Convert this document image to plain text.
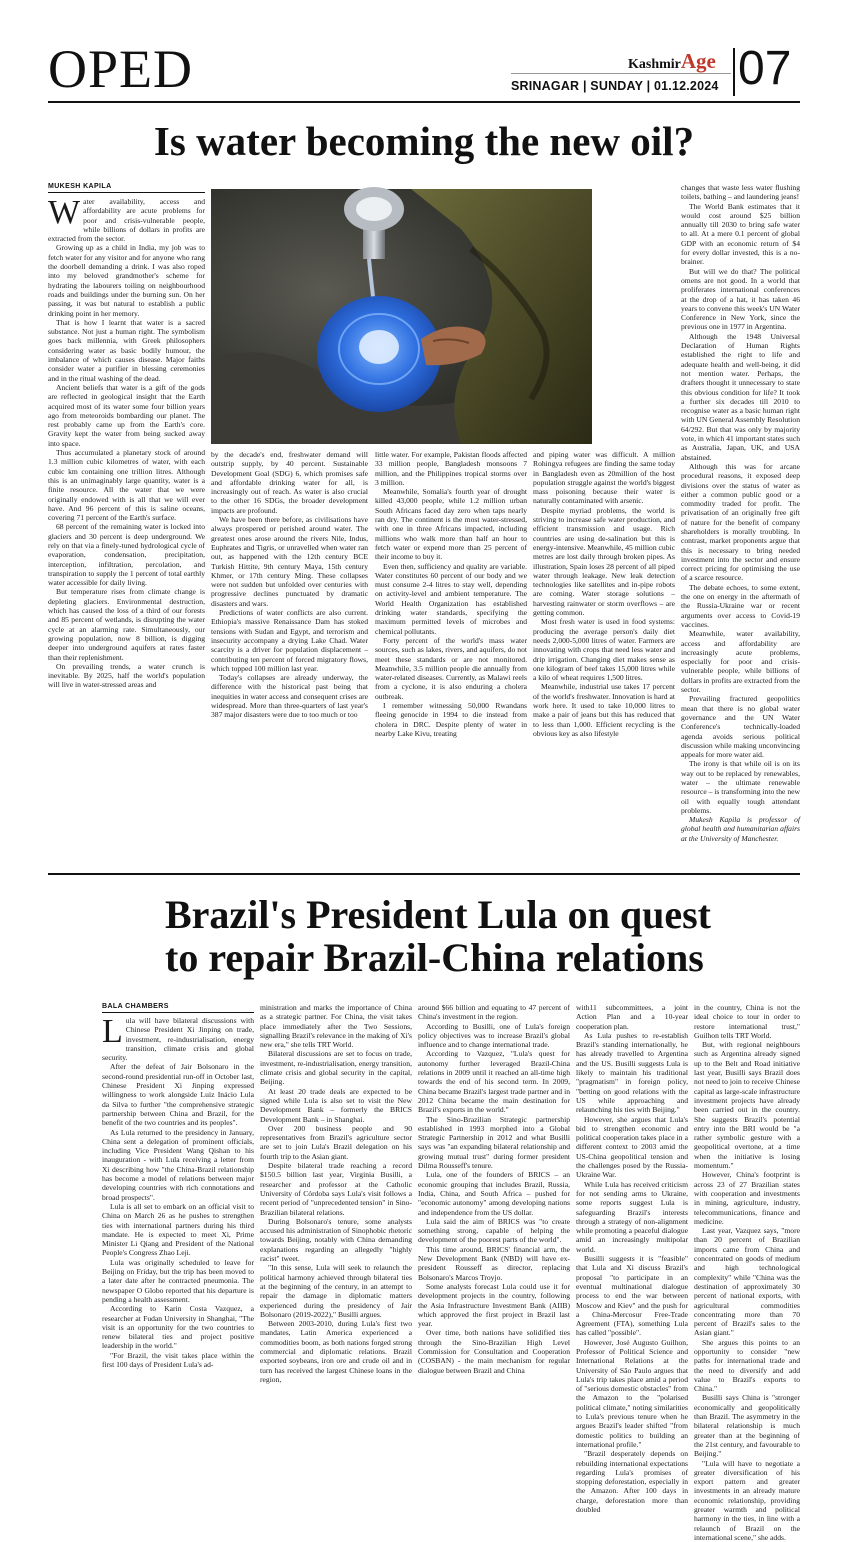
OPED	KashmirAge
SRINAGAR | SUNDAY | 01.12.2024 07
Is water becoming the new oil?
MUKESH KAPILA

Water availability, access and affordability are acute problems for poor and crisis-vulnerable people, while billions of dollars in profits are extracted from the sector.

Growing up as a child in India, my job was to fetch water for any visitor and for anyone who rang the doorbell demanding a drink. I was also roped into my beloved grandmother's scheme for hydrating the labourers toiling on neighbourhood roads and buildings under the burning sun. On her passing, it was but natural to establish a public drinking point in her memory.

That is how I learnt that water is a sacred substance. Not just a human right. The symbolism goes back millennia, with Greek philosophers considering water as basic bodily humour, the imbalance of which causes disease. Major faiths consider water a purifier in blessing ceremonies and in the ritual washing of the dead.

Ancient beliefs that water is a gift of the gods are reflected in geological insight that the Earth acquired most of its water some four billion years ago from meteoroids bombarding our planet. The rest probably came up from the Earth's core. Gravity kept the water from being sucked away into space.

Thus accumulated a planetary stock of around 1.3 million cubic kilometres of water, with each cubic km containing one trillion litres. Although this is an unimaginably large quantity, water is a finite resource. All the water that we were originally endowed with is all that we will ever have. And 96 percent of this is saline oceans, covering 71 percent of the Earth's surface.

68 percent of the remaining water is locked into glaciers and 30 percent is deep underground. We rely on that via a finely-tuned hydrological cycle of evaporation, condensation, precipitation, interception, infiltration, percolation, and transpiration to supply the 1 percent of total earthly water accessible for daily living.

But temperature rises from climate change is depleting glaciers. Environmental destruction, which has caused the loss of a third of our forests and 85 percent of wetlands, is disrupting the water cycle at an alarming rate. Simultaneously, our growing population, now 8 billion, is digging deeper into underground aquifers at rates faster than their replenishment.

On prevailing trends, a water crunch is inevitable. By 2025, half the world's population will live in water-stressed areas and

by the decade's end, freshwater demand will outstrip supply, by 40 percent. Sustainable Development Goal (SDG) 6, which promises safe and affordable drinking water for all, is increasingly out of reach. As water is also crucial to the other 16 SDGs, the broader development impacts are profound.

We have been there before, as civilisations have always prospered or perished around water. The greatest ones arose around the rivers Nile, Indus, Euphrates and Tigris, or unravelled when water ran out, as happened with the 12th century BCE Turkish Hittite, 9th century Maya, 15th century Khmer, or 17th century Ming. These collapses were not sudden but unfolded over centuries with progressive declines punctuated by dramatic disasters and wars.

Predictions of water conflicts are also current. Ethiopia's massive Renaissance Dam has stoked tensions with Sudan and Egypt, and terrorism and insecurity accompany a drying Lake Chad. Water scarcity is a driver for population displacement – contributing ten percent of forced migratory flows, which topped 100 million last year.

Today's collapses are already underway, the difference with the historical past being that inequities in water access and consequent crises are widespread. More than three-quarters of last year's 387 major disasters were due to too much or too

little water. For example, Pakistan floods affected 33 million people, Bangladesh monsoons 7 million, and the Philippines tropical storms over 3 million.

Meanwhile, Somalia's fourth year of drought killed 43,000 people, while 1.2 million urban South Africans faced day zero when taps nearly ran dry. The continent is the most water-stressed, with one in three Africans impacted, including millions who walk more than half an hour to fetch water or expend more than 25 percent of their income to buy it.

Even then, sufficiency and quality are variable. Water constitutes 60 percent of our body and we must consume 2-4 litres to stay well, depending on activity-level and ambient temperature. The World Health Organization has established drinking water standards, specifying the maximum permitted levels of microbes and chemical pollutants.

Forty percent of the world's mass water sources, such as lakes, rivers, and aquifers, do not meet these standards or are not monitored. Meanwhile, 3.5 million people die annually from water-related diseases. Currently, as Malawi reels from a cyclone, it is also enduring a cholera outbreak.

I remember witnessing 50,000 Rwandans fleeing genocide in 1994 to die instead from cholera in DRC. Despite plenty of water in nearby Lake Kivu, treating

and piping water was difficult. A million Rohingya refugees are finding the same today in Bangladesh even as 20million of the host population struggle against the world's biggest mass poisoning because their water is naturally contaminated with arsenic.

Despite myriad problems, the world is striving to increase safe water production, and efficient transmission and usage. Rich countries are using de-salination but this is energy-intensive. Meanwhile, 45 million cubic metres are lost daily through broken pipes. As illustration, Spain loses 28 percent of all piped water through leakage. New leak detection technologies like satellites and in-pipe robots are coming. Water storage solutions – harvesting rainwater or storm overflows – are getting common.

Most fresh water is used in food systems: producing the average person's daily diet needs 2,000-5,000 litres of water. Farmers are innovating with crops that need less water and drip irrigation. Changing diet makes sense as one kilogram of beef takes 15,000 litres while a kilo of wheat requires 1,500 litres.

Meanwhile, industrial use takes 17 percent of the world's freshwater. Innovation is hard at work here. It used to take 10,000 litres to make a pair of jeans but this has reduced that to less than 1,000. Efficient recycling is the obvious key as also lifestyle

changes that waste less water flushing toilets, bathing – and laundering jeans!

The World Bank estimates that it would cost around $25 billion annually till 2030 to bring safe water to all. At a mere 0.1 percent of global GDP with an economic return of $4 for every dollar invested, this is a no-brainer.

But will we do that? The political omens are not good. In a world that proliferates international conferences at the drop of a hat, it has taken 46 years to convene this week's UN Water Conference in New York, since the previous one in 1977 in Argentina.

Although the 1948 Universal Declaration of Human Rights established the right to life and adequate health and well-being, it did not mention water. Perhaps, the drafters thought it unnecessary to state this obvious condition for life? It took a further six decades till 2010 to recognise water as a basic human right with UN General Assembly Resolution 64/292. But that was only by majority vote, in which 41 important states such as Australia, Japan, UK, and USA abstained.

Although this was for arcane procedural reasons, it exposed deep divisions over the status of water as either a common public good or a commodity traded for profit. The privatisation of an originally free gift of nature for the benefit of company shareholders is morally troubling. In contrast, market proponents argue that this is necessary to bring needed investment into the sector and ensure correct pricing for optimising the use of a scarce resource.

The debate echoes, to some extent, the one on energy in the aftermath of the Russia-Ukraine war or recent arguments over access to Covid-19 vaccines.

Meanwhile, water availability, access and affordability are increasingly acute problems, especially for poor and crisis-vulnerable people, while billions of dollars in profits are extracted from the sector.

Prevailing fractured geopolitics mean that there is no global water governance and the UN Water Conference's technically-loaded agenda avoids serious political discussion while making unconvincing appeals for more water aid.

The irony is that while oil is on its way out to be replaced by renewables, water – the ultimate renewable resource – is transforming into the new oil with equally tough attendant problems.

Mukesh Kapila is professor of global health and humanitarian affairs at the University of Manchester.

Brazil's President Lula on quest
to repair Brazil-China relations
BALA CHAMBERS

Lula will have bilateral discussions with Chinese President Xi Jinping on trade, investment, re-industrialisation, energy transition, climate crisis and global security.

After the defeat of Jair Bolsonaro in the second-round presidential run-off in October last, Chinese President Xi Jinping expressed willingness to work alongside Luiz Inácio Lula da Silva to further "the comprehensive strategic partnership between China and Brazil, for the benefit of the two countries and its peoples".

As Lula returned to the presidency in January, China sent a delegation of prominent officials, including Vice President Wang Qishan to his inauguration - with Lula receiving a letter from Xi describing how "the China-Brazil relationship has become a model of relations between major developing countries with rich connotations and broad prospects".

Lula is all set to embark on an official visit to China on March 26 as he pushes to strengthen ties with international partners during his third mandate. He is expected to meet Xi, Prime Minister Li Qiang and President of the National People's Congress Zhao Leji.

Lula was originally scheduled to leave for Beijing on Friday, but the trip has been moved to a later date after he contracted pneumonia. The newspaper O Globo reported that his departure is pending a health assessment.

According to Karin Costa Vazquez, a researcher at Fudan University in Shanghai, "The visit is an opportunity for the two countries to renew bilateral ties and project positive leadership in the world."

"For Brazil, the visit takes place within the first 100 days of President Lula's ad-

ministration and marks the importance of China as a strategic partner. For China, the visit takes place immediately after the Two Sessions, signalling Brazil's relevance in the making of Xi's new era," she tells TRT World.

Bilateral discussions are set to focus on trade, investment, re-industrialisation, energy transition, climate crisis and global security in the capital, Beijing.

At least 20 trade deals are expected to be signed while Lula is also set to visit the New Development Bank – formerly the BRICS Development Bank – in Shanghai.

Over 200 business people and 90 representatives from Brazil's agriculture sector are set to join Lula's Brazil delegation on his fourth trip to the Asian giant.

Despite bilateral trade reaching a record $150.5 billion last year, Virginia Busilli, a researcher and professor at the Catholic University of Córdoba says Lula's visit follows a recent period of "unprecedented tension" in Sino-Brazilian bilateral relations.

During Bolsonaro's tenure, some analysts accused his administration of Sinophobic rhetoric towards Beijing, notably with China demanding explanations regarding an allegedly "highly racist" tweet.

"In this sense, Lula will seek to relaunch the political harmony achieved through bilateral ties at the beginning of the century, in an attempt to repair the damage in diplomatic matters experienced during the presidency of Jair Bolsonaro (2019-2022)," Busilli argues.

Between 2003-2010, during Lula's first two mandates, Latin America experienced a commodities boom, as both nations forged strong commercial and diplomatic relations. Brazil exported soybeans, iron ore and crude oil and in turn has received the largest Chinese loans in the region,

around $66 billion and equating to 47 percent of China's investment in the region.

According to Busilli, one of Lula's foreign policy objectives was to increase Brazil's global influence and to change international trade.

According to Vazquez, "Lula's quest for autonomy further leveraged Brazil-China relations in 2009 until it reached an all-time high towards the end of his second term. In 2009, China became Brazil's largest trade partner and in 2012 China became the main destination for Brazil's exports in the world."

The Sino-Brazilian Strategic partnership established in 1993 morphed into a Global Strategic Partnership in 2012 and what Busilli says was "an expanding bilateral relationship and growing mutual trust" during former president Dilma Rousseff's tenure.

Lula, one of the founders of BRICS – an economic grouping that includes Brazil, Russia, India, China, and South Africa – pushed for "economic autonomy" among developing nations and independence from the US dollar.

Lula said the aim of BRICS was "to create something strong, capable of helping the development of the poorest parts of the world".

This time around, BRICS' financial arm, the New Development Bank (NBD) will have ex-president Rousseff as director, replacing Bolsonaro's Marcos Troyjo.

Some analysts forecast Lula could use it for development projects in the country, following the Asia Infrastructure Investment Bank (AIIB) which approved the first project in Brazil last year.

Over time, both nations have solidified ties through the Sino-Brazilian High Level Commission for Consultation and Cooperation (COSBAN) - the main mechanism for regular dialogue between Brazil and China

with11 subcommittees, a joint Action Plan and a 10-year cooperation plan.

As Lula pushes to re-establish Brazil's standing internationally, he has already travelled to Argentina and the US. Busilli suggests Lula is likely to maintain his traditional "pragmatism" in foreign policy, "betting on good relations with the US while approaching and relaunching his ties with Beijing."

However, she argues that Lula's bid to strengthen economic and political cooperation takes place in a different context to 2003 amid the US-China geopolitical tension and the challenges posed by the Russia-Ukraine War.

While Lula has received criticism for not sending arms to Ukraine, some reports suggest Lula is safeguarding Brazil's interests through a strategy of non-alignment while promoting a peaceful dialogue amid an increasingly multipolar world.

Busilli suggests it is "feasible" that Lula and Xi discuss Brazil's proposal "to participate in an eventual multinational dialogue process to end the war between Moscow and Kiev" and the push for a China-Mercosur Free-Trade Agreement (FTA), something Lula has called "possible".

However, José Augusto Guilhon, Professor of Political Science and International Relations at the University of São Paulo argues that Lula's trip takes place amid a period of "serious domestic obstacles" from the Amazon to the "polarised political climate," noting similarities to Lula's previous tenure when he argues Brazil's leader shifted "from domestic politics to building an international profile."

"Brazil desperately depends on rebuilding international expectations regarding Lula's promises of stopping deforestation, especially in the Amazon. After 100 days in charge, deforestation more than doubled

in the country, China is not the ideal choice to tour in order to restore international trust," Guilhon tells TRT World.

But, with regional neighbours such as Argentina already signed up to the Belt and Road initiative last year, Busilli says Brazil does not need to join to receive Chinese capital as large-scale infrastructure investment projects have already been carried out in the country. She suggests Brazil's potential entry into the BRI would be "a rather symbolic gesture with a geopolitical overtone, at a time when the initiative is losing momentum."

However, China's footprint is across 23 of 27 Brazilian states with cooperation and investments in mining, agriculture, industry, telecommunications, finance and medicine.

Last year, Vazquez says, "more than 20 percent of Brazilian imports came from China and concentrated on goods of medium and high technological complexity" while "China was the destination of approximately 30 percent of national exports, with agricultural commodities concentrating more than 70 percent of Brazil's sales to the Asian giant."

She argues this points to an opportunity to consider "new paths for international trade and the need to diversify and add value to Brazil's exports to China."

Busilli says China is "stronger economically and geopolitically than Brazil. The asymmetry in the bilateral relationship is much greater than at the beginning of the 21st century, and favourable to Beijing."

"Lula will have to negotiate a greater diversification of his export pattern and greater investments in an already mature economic relationship, providing greater warmth and political harmony in the ties, in line with a relaunch of Brazil on the international scene," she adds.
